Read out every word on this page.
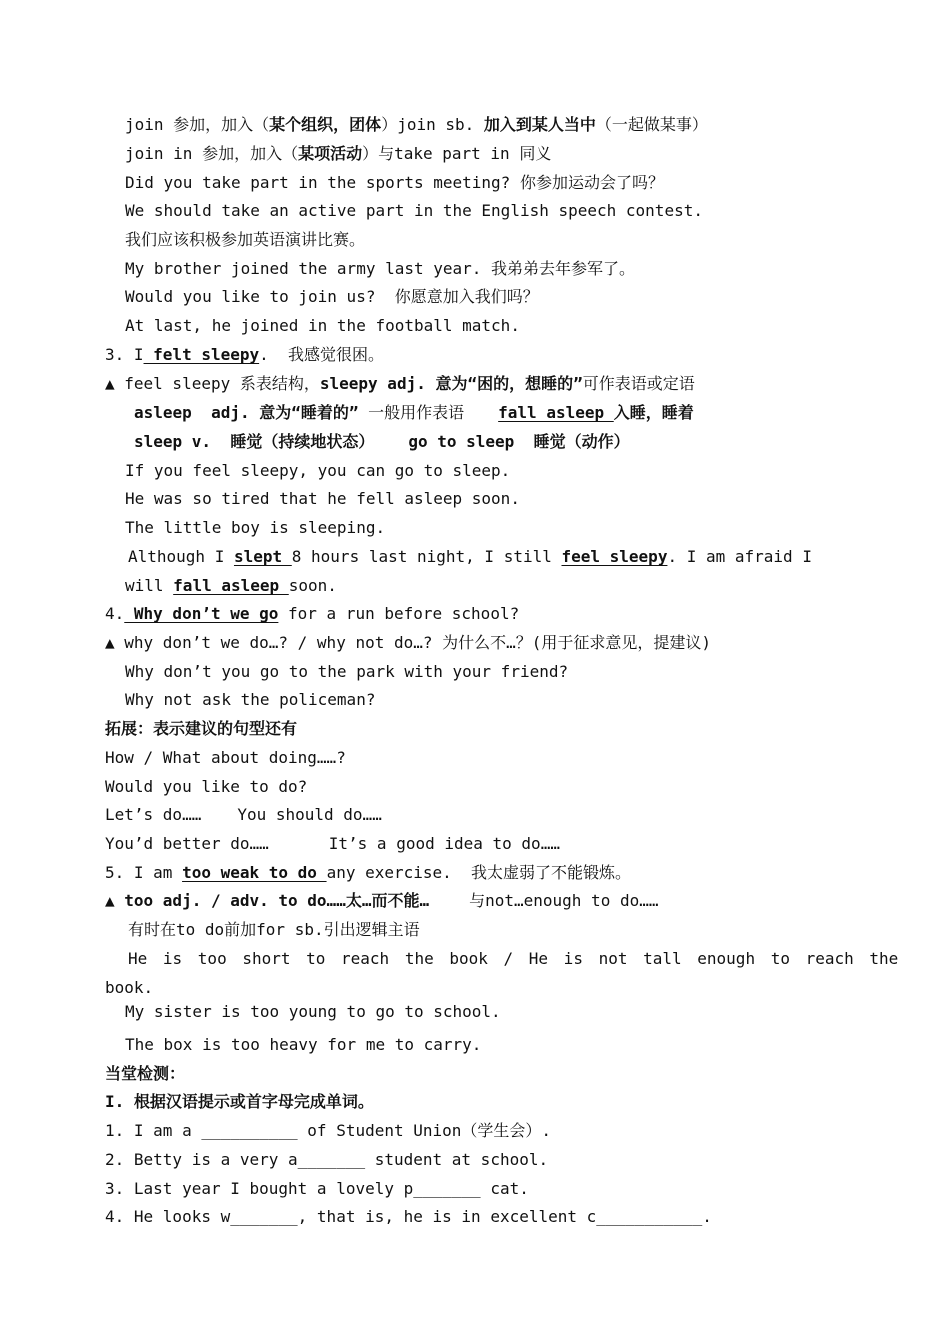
join 参加，加入（某个组织，团体）join sb. 加入到某人当中（一起做某事）
join in 参加，加入（某项活动）与take part in 同义
Did you take part in the sports meeting? 你参加运动会了吗？
We should take an active part in the English speech contest.
我们应该积极参加英语演讲比赛。
My brother joined the army last year. 我弟弟去年参军了。
Would you like to join us?  你愿意加入我们吗？
At last, he joined in the football match.
3. I felt sleepy.  我感觉很困。
▲ feel sleepy 系表结构，sleepy adj. 意为“困的，想睡的”可作表语或定语
asleep  adj. 意为“睡着的” 一般用作表语 fall asleep 入睡，睡着
sleep v.  睡觉（持续地状态） go to sleep  睡觉（动作）
If you feel sleepy, you can go to sleep.
He was so tired that he fell asleep soon.
The little boy is sleeping.
Although I slept 8 hours last night, I still feel sleepy. I am afraid I
will fall asleep soon.
4. Why don’t we go for a run before school?
▲ why don’t we do…? / why not do…? 为什么不…？(用于征求意见，提建议)
Why don’t you go to the park with your friend?
Why not ask the policeman?
拓展：表示建议的句型还有
How / What about doing……?
Would you like to do?
Let’s do…… You should do……
You’d better do……	It’s a good idea to do……
5. I am too weak to do any exercise.  我太虚弱了不能锻炼。
▲ too adj. / adv. to do……太…而不能…	与not…enough to do……
有时在to do前加for sb.引出逻辑主语
He is too short to reach the book / He is not tall enough to reach the
book.
My sister is too young to go to school.
The box is too heavy for me to carry.
当堂检测：
I. 根据汉语提示或首字母完成单词。
1. I am a __________ of Student Union（学生会）.
2. Betty is a very a_______ student at school.
3. Last year I bought a lovely p_______ cat.
4. He looks w_______, that is, he is in excellent c___________.
